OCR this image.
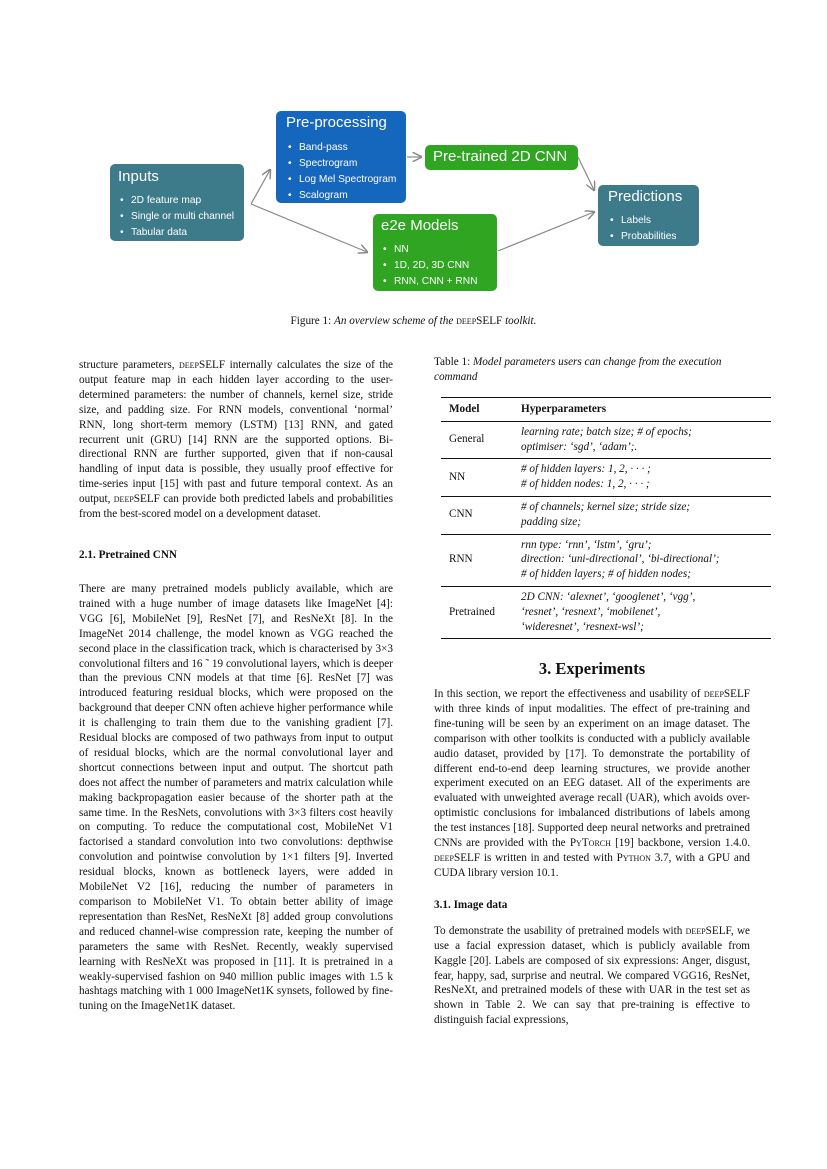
Inputs
• 2D feature map
• Single or multi channel
• Tabular data
Pre-processing
• Band-pass
• Spectrogram
• Log Mel Spectrogram
• Scalogram
Pre-trained 2D CNN
e2e Models
• NN
• 1D, 2D, 3D CNN
• RNN, CNN + RNN
Predictions
• Labels
• Probabilities
Figure 1: An overview scheme of the deepSELF toolkit.

structure parameters, deepSELF internally calculates the size of the output feature map in each hidden layer according to the user-determined parameters: the number of channels, kernel size, stride size, and padding size. For RNN models, conventional ‘normal’ RNN, long short-term memory (LSTM) [13] RNN, and gated recurrent unit (GRU) [14] RNN are the supported options. Bi-directional RNN are further supported, given that if non-causal handling of input data is possible, they usually proof effective for time-series input [15] with past and future temporal context. As an output, deepSELF can provide both predicted labels and probabilities from the best-scored model on a development dataset.

2.1. Pretrained CNN

There are many pretrained models publicly available, which are trained with a huge number of image datasets like ImageNet [4]: VGG [6], MobileNet [9], ResNet [7], and ResNeXt [8]. In the ImageNet 2014 challenge, the model known as VGG reached the second place in the classification track, which is characterised by 3×3 convolutional filters and 16 ˜ 19 convolutional layers, which is deeper than the previous CNN models at that time [6]. ResNet [7] was introduced featuring residual blocks, which were proposed on the background that deeper CNN often achieve higher performance while it is challenging to train them due to the vanishing gradient [7]. Residual blocks are composed of two pathways from input to output of residual blocks, which are the normal convolutional layer and shortcut connections between input and output. The shortcut path does not affect the number of parameters and matrix calculation while making backpropagation easier because of the shorter path at the same time. In the ResNets, convolutions with 3×3 filters cost heavily on computing. To reduce the computational cost, MobileNet V1 factorised a standard convolution into two convolutions: depthwise convolution and pointwise convolution by 1×1 filters [9]. Inverted residual blocks, known as bottleneck layers, were added in MobileNet V2 [16], reducing the number of parameters in comparison to MobileNet V1. To obtain better ability of image representation than ResNet, ResNeXt [8] added group convolutions and reduced channel-wise compression rate, keeping the number of parameters the same with ResNet. Recently, weakly supervised learning with ResNeXt was proposed in [11]. It is pretrained in a weakly-supervised fashion on 940 million public images with 1.5 k hashtags matching with 1 000 ImageNet1K synsets, followed by fine-tuning on the ImageNet1K dataset.

Table 1: Model parameters users can change from the execution command
Model	Hyperparameters
General	learning rate; batch size; # of epochs;
optimiser: ‘sgd’, ‘adam’;.
NN	# of hidden layers: 1, 2, · · · ;
# of hidden nodes: 1, 2, · · · ;
CNN	# of channels; kernel size; stride size;
padding size;
RNN	rnn type: ‘rnn’, ‘lstm’, ‘gru’;
direction: ‘uni-directional’, ‘bi-directional’;
# of hidden layers; # of hidden nodes;
Pretrained	2D CNN: ‘alexnet’, ‘googlenet’, ‘vgg’,
‘resnet’, ‘resnext’, ‘mobilenet’,
‘wideresnet’, ‘resnext-wsl’;
3. Experiments

In this section, we report the effectiveness and usability of deepSELF with three kinds of input modalities. The effect of pre-training and fine-tuning will be seen by an experiment on an image dataset. The comparison with other toolkits is conducted with a publicly available audio dataset, provided by [17]. To demonstrate the portability of different end-to-end deep learning structures, we provide another experiment executed on an EEG dataset. All of the experiments are evaluated with unweighted average recall (UAR), which avoids over-optimistic conclusions for imbalanced distributions of labels among the test instances [18]. Supported deep neural networks and pretrained CNNs are provided with the PyTorch [19] backbone, version 1.4.0. deepSELF is written in and tested with Python 3.7, with a GPU and CUDA library version 10.1.

3.1. Image data

To demonstrate the usability of pretrained models with deepSELF, we use a facial expression dataset, which is publicly available from Kaggle [20]. Labels are composed of six expressions: Anger, disgust, fear, happy, sad, surprise and neutral. We compared VGG16, ResNet, ResNeXt, and pretrained models of these with UAR in the test set as shown in Table 2. We can say that pre-training is effective to distinguish facial expressions,
